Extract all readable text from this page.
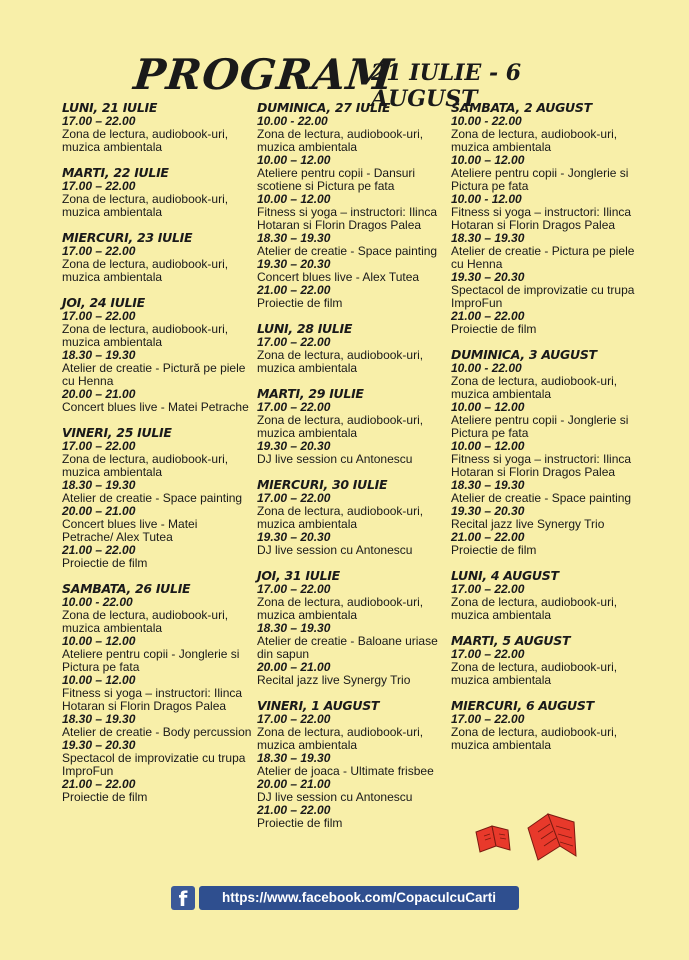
PROGRAM
21 IULIE - 6 AUGUST
LUNI, 21 IULIE
17.00 – 22.00
Zona de lectura, audiobook-uri, muzica ambientala
MARTI, 22 IULIE
17.00 – 22.00
Zona de lectura, audiobook-uri, muzica ambientala
MIERCURI, 23 IULIE
17.00 – 22.00
Zona de lectura, audiobook-uri, muzica ambientala
JOI, 24 IULIE
17.00 – 22.00
Zona de lectura, audiobook-uri, muzica ambientala
18.30 – 19.30
Atelier de creatie - Pictură pe piele cu Henna
20.00 – 21.00
Concert blues live - Matei Petrache
VINERI, 25 IULIE
17.00 – 22.00
Zona de lectura, audiobook-uri, muzica ambientala
18.30 – 19.30
Atelier de creatie - Space painting
20.00 – 21.00
Concert blues live - Matei Petrache/ Alex Tutea
21.00 – 22.00
Proiectie de film
SAMBATA, 26 IULIE
10.00 - 22.00
Zona de lectura, audiobook-uri, muzica ambientala
10.00 – 12.00
Ateliere pentru copii - Jonglerie si Pictura pe fata
10.00 – 12.00
Fitness si yoga – instructori: Ilinca Hotaran si Florin Dragos Palea
18.30 – 19.30
Atelier de creatie - Body percussion
19.30 – 20.30
Spectacol de improvizatie cu trupa ImproFun
21.00 – 22.00
Proiectie de film
DUMINICA, 27 IULIE
10.00 - 22.00
Zona de lectura, audiobook-uri, muzica ambientala
10.00 – 12.00
Ateliere pentru copii - Dansuri scotiene si Pictura pe fata
10.00 – 12.00
Fitness si yoga – instructori: Ilinca Hotaran si Florin Dragos Palea
18.30 – 19.30
Atelier de creatie - Space painting
19.30 – 20.30
Concert blues live - Alex Tutea
21.00 – 22.00
Proiectie de film
LUNI, 28 IULIE
17.00 – 22.00
Zona de lectura, audiobook-uri, muzica ambientala
MARTI, 29 IULIE
17.00 – 22.00
Zona de lectura, audiobook-uri, muzica ambientala
19.30 – 20.30
DJ live session cu Antonescu
MIERCURI, 30 IULIE
17.00 – 22.00
Zona de lectura, audiobook-uri, muzica ambientala
19.30 – 20.30
DJ live session cu Antonescu
JOI, 31 IULIE
17.00 – 22.00
Zona de lectura, audiobook-uri, muzica ambientala
18.30 – 19.30
Atelier de creatie - Baloane uriase din sapun
20.00 – 21.00
Recital jazz live Synergy Trio
VINERI, 1 AUGUST
17.00 – 22.00
Zona de lectura, audiobook-uri, muzica ambientala
18.30 – 19.30
Atelier de joaca - Ultimate frisbee
20.00 – 21.00
DJ live session cu Antonescu
21.00 – 22.00
Proiectie de film
SAMBATA, 2 AUGUST
10.00 - 22.00
Zona de lectura, audiobook-uri, muzica ambientala
10.00 – 12.00
Ateliere pentru copii - Jonglerie si Pictura pe fata
10.00 - 12.00
Fitness si yoga – instructori: Ilinca Hotaran si Florin Dragos Palea
18.30 – 19.30
Atelier de creatie - Pictura pe piele cu Henna
19.30 – 20.30
Spectacol de improvizatie cu trupa ImproFun
21.00 – 22.00
Proiectie de film
DUMINICA, 3 AUGUST
10.00 - 22.00
Zona de lectura, audiobook-uri, muzica ambientala
10.00 – 12.00
Ateliere pentru copii - Jonglerie si Pictura pe fata
10.00 – 12.00
Fitness si yoga – instructori: Ilinca Hotaran si Florin Dragos Palea
18.30 – 19.30
Atelier de creatie - Space painting
19.30 – 20.30
Recital jazz live Synergy Trio
21.00 – 22.00
Proiectie de film
LUNI, 4 AUGUST
17.00 – 22.00
Zona de lectura, audiobook-uri, muzica ambientala
MARTI, 5 AUGUST
17.00 – 22.00
Zona de lectura, audiobook-uri, muzica ambientala
MIERCURI, 6 AUGUST
17.00 – 22.00
Zona de lectura, audiobook-uri, muzica ambientala
f	https://www.facebook.com/CopaculcuCarti
